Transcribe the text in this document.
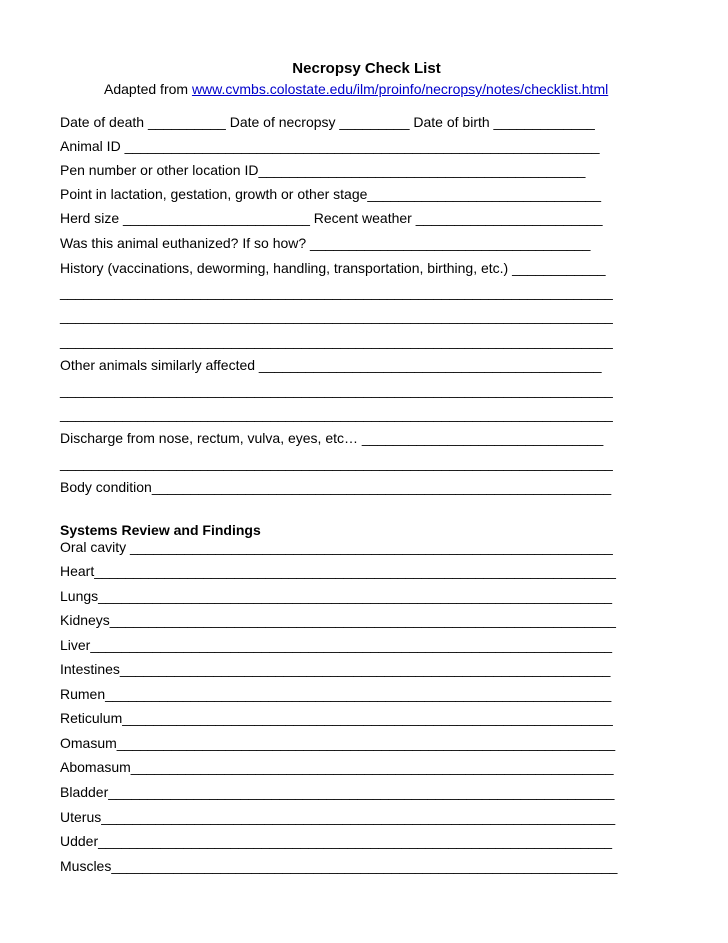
Necropsy Check List
Adapted from www.cvmbs.colostate.edu/ilm/proinfo/necropsy/notes/checklist.html
Date of death __________ Date of necropsy _________ Date of birth _____________
Animal ID _____________________________________________________________
Pen number or other location ID__________________________________________
Point in lactation, gestation, growth or other stage______________________________
Herd size ________________________ Recent weather ________________________
Was this animal euthanized? If so how? ____________________________________
History (vaccinations, deworming, handling, transportation, birthing, etc.) ____________
_______________________________________________________________________
_______________________________________________________________________
_______________________________________________________________________
Other animals similarly affected ____________________________________________
_______________________________________________________________________
_______________________________________________________________________
Discharge from nose, rectum, vulva, eyes, etc… _______________________________
_______________________________________________________________________
Body condition___________________________________________________________
Systems Review and Findings
Oral cavity ______________________________________________________________
Heart___________________________________________________________________
Lungs__________________________________________________________________
Kidneys_________________________________________________________________
Liver___________________________________________________________________
Intestines_______________________________________________________________
Rumen_________________________________________________________________
Reticulum_______________________________________________________________
Omasum________________________________________________________________
Abomasum______________________________________________________________
Bladder_________________________________________________________________
Uterus__________________________________________________________________
Udder__________________________________________________________________
Muscles_________________________________________________________________
